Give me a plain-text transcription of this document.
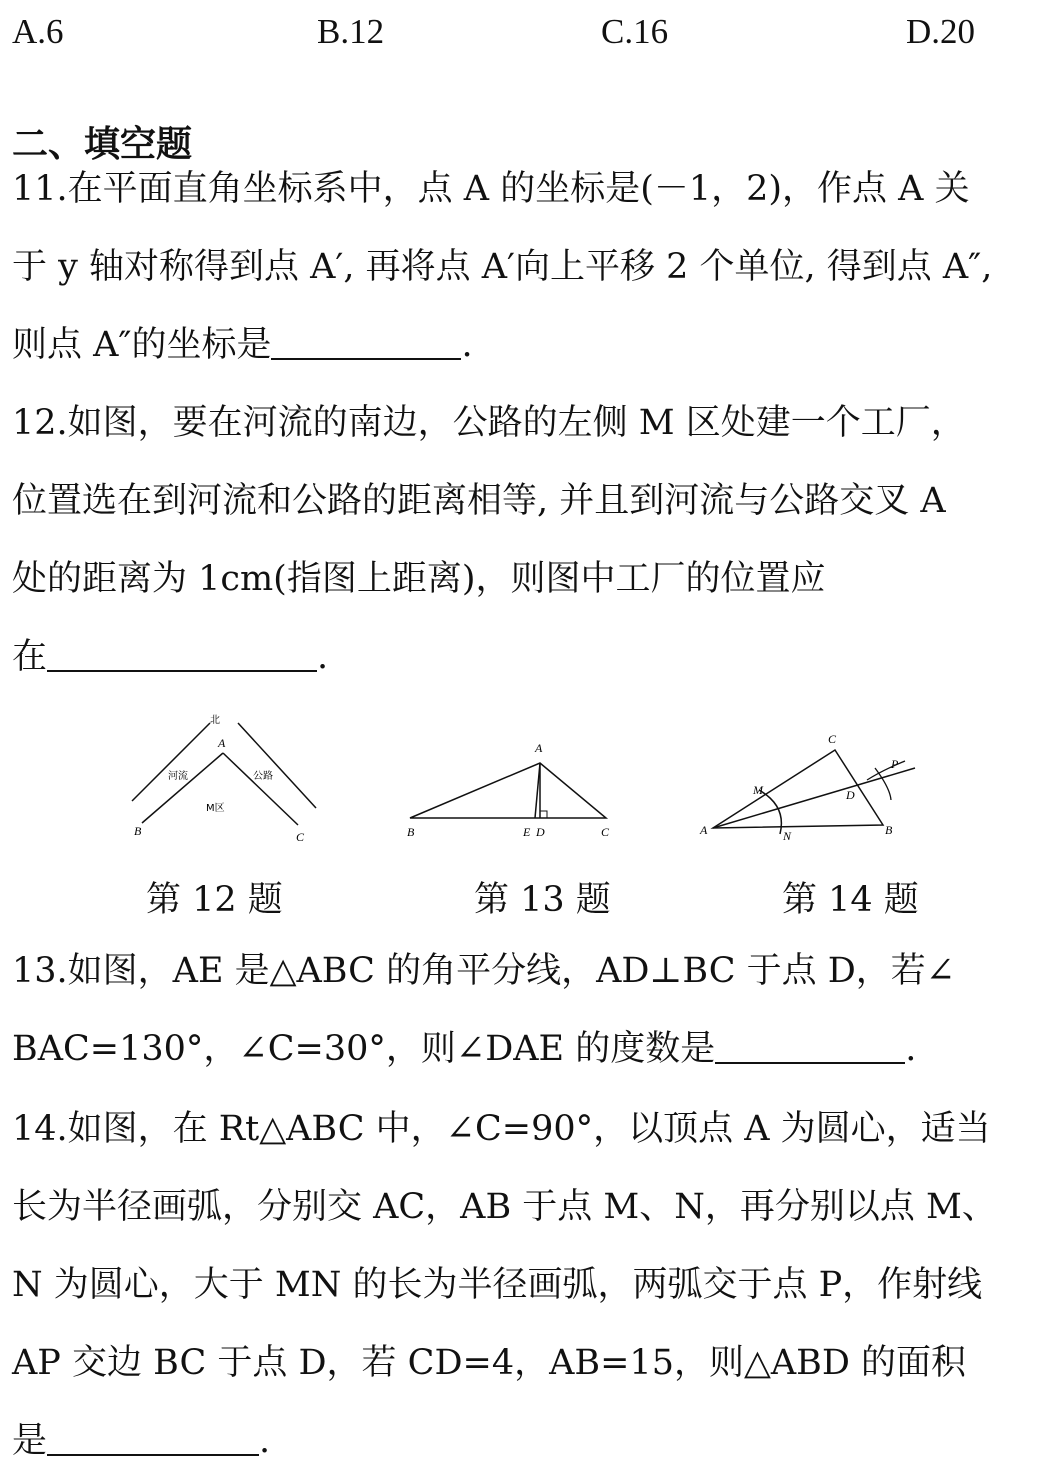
A.6	B.12	C.16	D.20
二、填空题
11.在平面直角坐标系中，点 A 的坐标是(－1，2)，作点 A 关
于 y 轴对称得到点 A′, 再将点 A′向上平移 2 个单位, 得到点 A″,
则点 A″的坐标是	.
12.如图，要在河流的南边，公路的左侧 M 区处建一个工厂，
位置选在到河流和公路的距离相等, 并且到河流与公路交叉 A
处的距离为 1cm(指图上距离)，则图中工厂的位置应
在	.
北
A
B	C
河流	公路
M区
A
B	C
E D
C
A	B
D
M
N
P
第 12 题	第 13 题	第 14 题
13.如图，AE 是△ABC 的角平分线，AD⊥BC 于点 D，若∠
BAC=130°，∠C=30°，则∠DAE 的度数是	.
14.如图，在 Rt△ABC 中，∠C=90°，以顶点 A 为圆心，适当
长为半径画弧，分别交 AC，AB 于点 M、N，再分别以点 M、
N 为圆心，大于 MN 的长为半径画弧，两弧交于点 P，作射线
AP 交边 BC 于点 D，若 CD=4，AB=15，则△ABD 的面积
是	.
